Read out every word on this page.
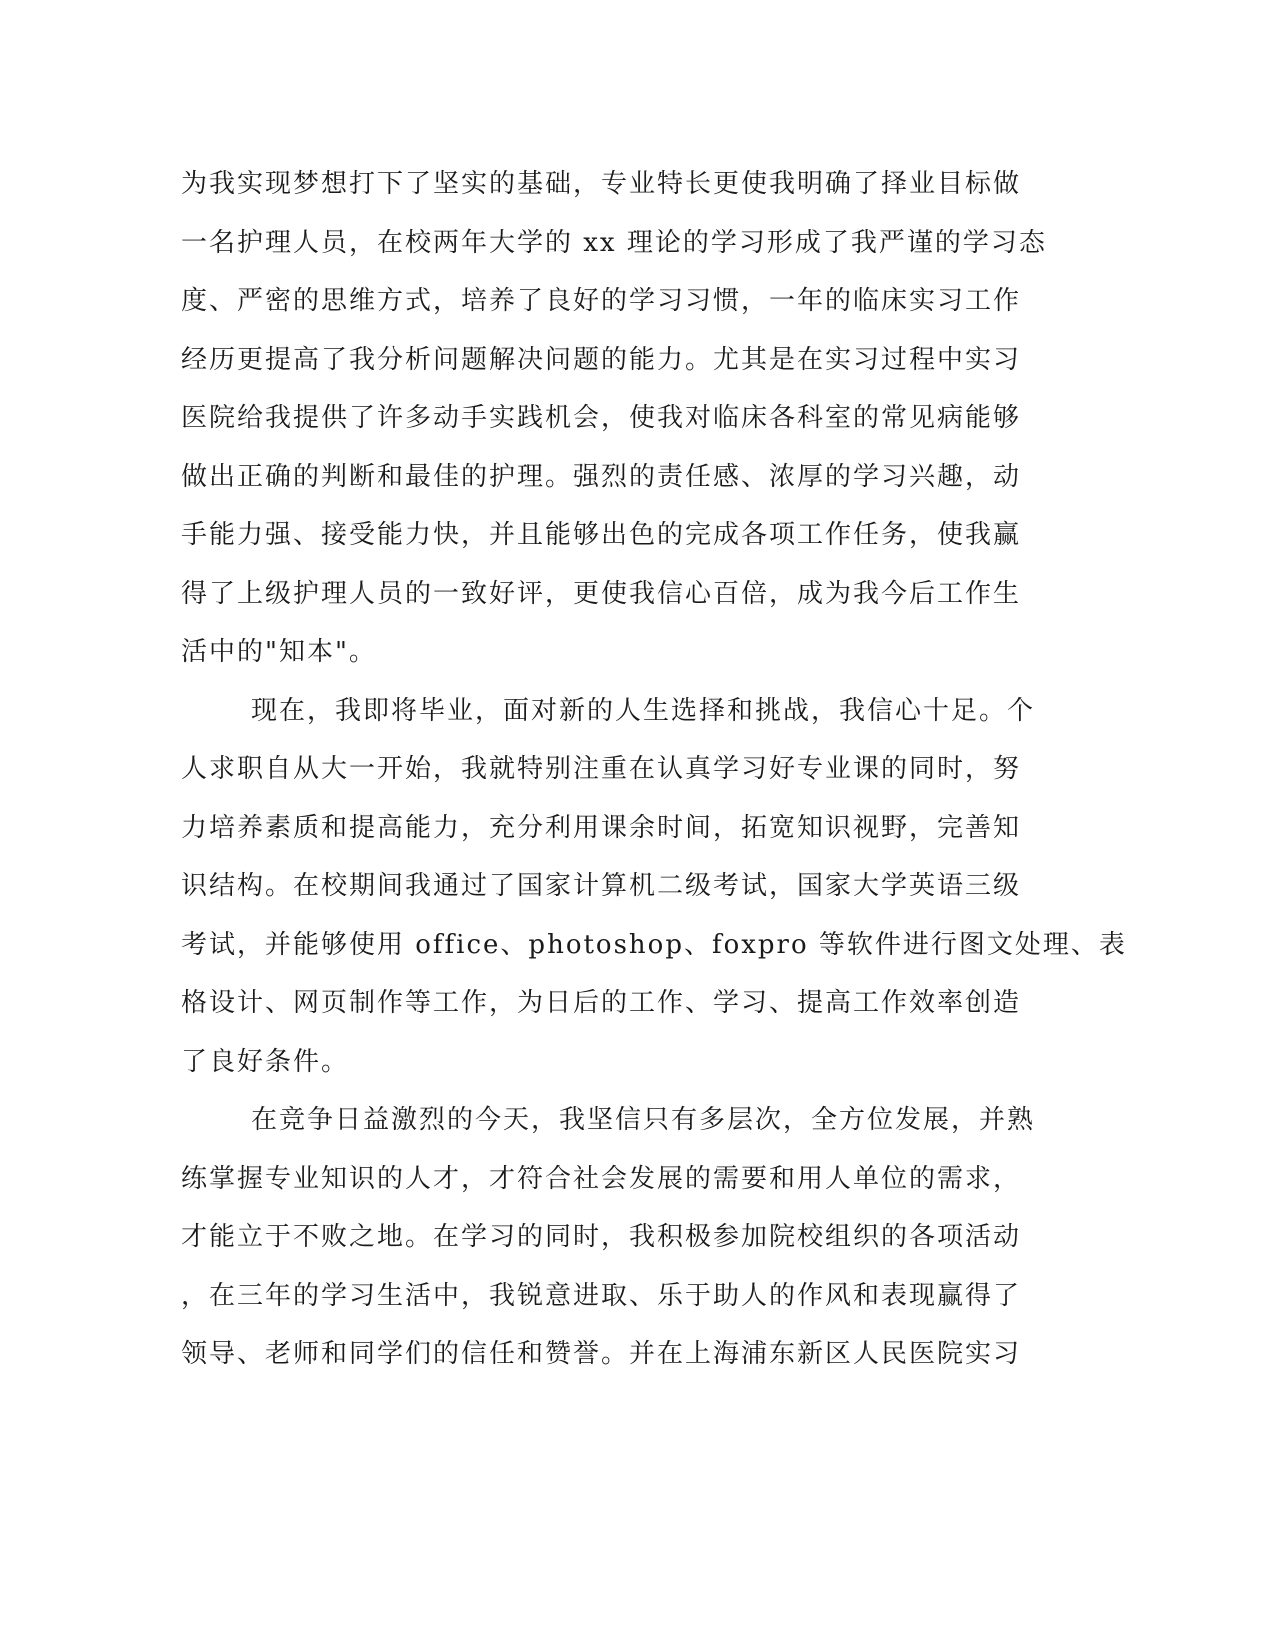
为我实现梦想打下了坚实的基础，专业特长更使我明确了择业目标做
一名护理人员，在校两年大学的 xx 理论的学习形成了我严谨的学习态
度、严密的思维方式，培养了良好的学习习惯，一年的临床实习工作
经历更提高了我分析问题解决问题的能力。尤其是在实习过程中实习
医院给我提供了许多动手实践机会，使我对临床各科室的常见病能够
做出正确的判断和最佳的护理。强烈的责任感、浓厚的学习兴趣，动
手能力强、接受能力快，并且能够出色的完成各项工作任务，使我赢
得了上级护理人员的一致好评，更使我信心百倍，成为我今后工作生
活中的"知本"。
现在，我即将毕业，面对新的人生选择和挑战，我信心十足。个
人求职自从大一开始，我就特别注重在认真学习好专业课的同时，努
力培养素质和提高能力，充分利用课余时间，拓宽知识视野，完善知
识结构。在校期间我通过了国家计算机二级考试，国家大学英语三级
考试，并能够使用 office、photoshop、foxpro 等软件进行图文处理、表
格设计、网页制作等工作，为日后的工作、学习、提高工作效率创造
了良好条件。
在竞争日益激烈的今天，我坚信只有多层次，全方位发展，并熟
练掌握专业知识的人才，才符合社会发展的需要和用人单位的需求，
才能立于不败之地。在学习的同时，我积极参加院校组织的各项活动
，在三年的学习生活中，我锐意进取、乐于助人的作风和表现赢得了
领导、老师和同学们的信任和赞誉。并在上海浦东新区人民医院实习
